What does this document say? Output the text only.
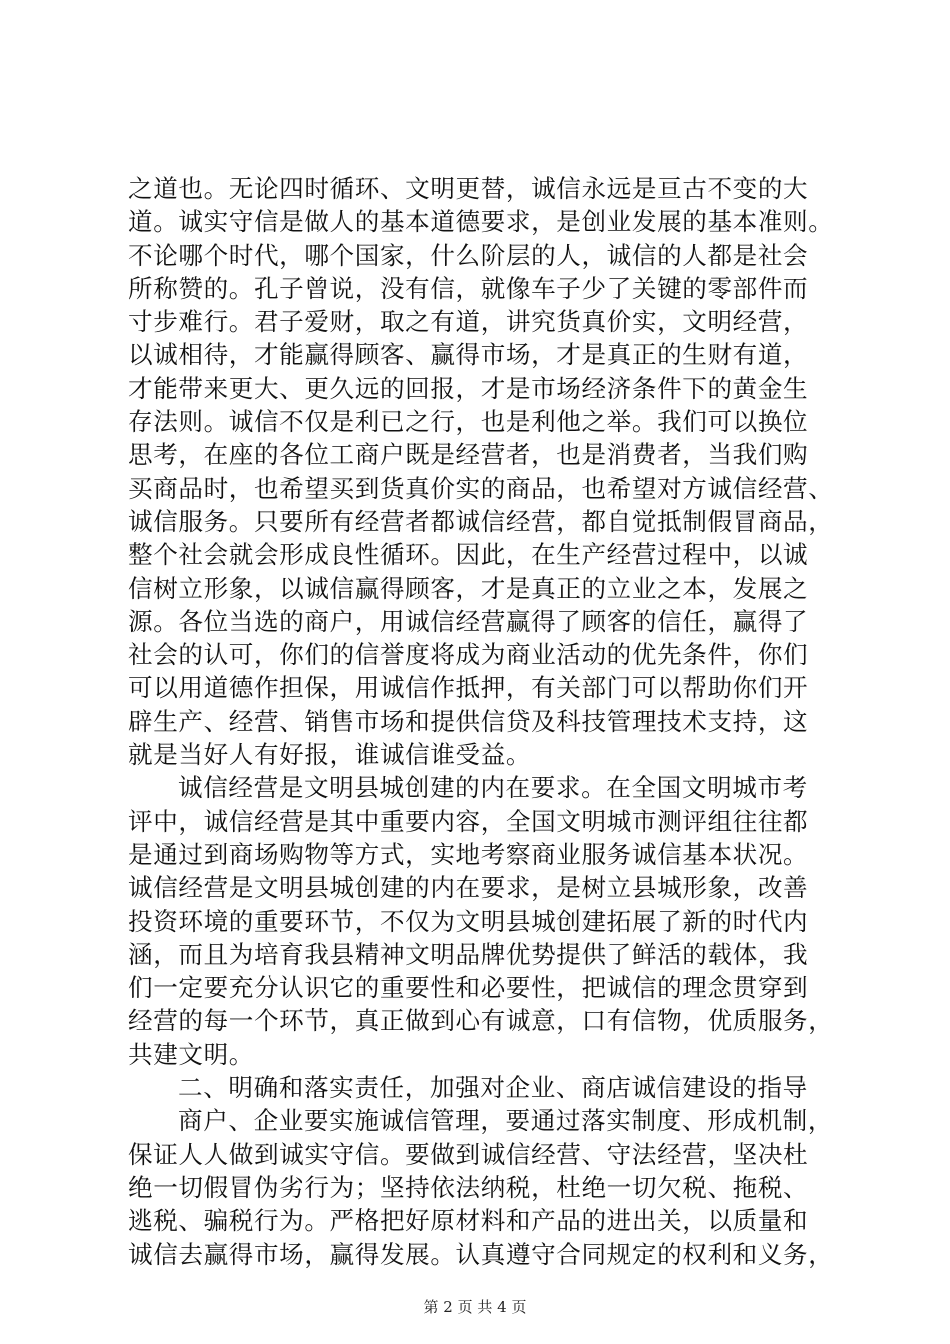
之道也。无论四时循环、文明更替，诚信永远是亘古不变的大
道。诚实守信是做人的基本道德要求，是创业发展的基本准则。
不论哪个时代，哪个国家，什么阶层的人，诚信的人都是社会
所称赞的。孔子曾说，没有信，就像车子少了关键的零部件而
寸步难行。君子爱财，取之有道，讲究货真价实，文明经营，
以诚相待，才能赢得顾客、赢得市场，才是真正的生财有道，
才能带来更大、更久远的回报，才是市场经济条件下的黄金生
存法则。诚信不仅是利已之行，也是利他之举。我们可以换位
思考，在座的各位工商户既是经营者，也是消费者，当我们购
买商品时，也希望买到货真价实的商品，也希望对方诚信经营、
诚信服务。只要所有经营者都诚信经营，都自觉抵制假冒商品，
整个社会就会形成良性循环。因此，在生产经营过程中，以诚
信树立形象，以诚信赢得顾客，才是真正的立业之本，发展之
源。各位当选的商户，用诚信经营赢得了顾客的信任，赢得了
社会的认可，你们的信誉度将成为商业活动的优先条件，你们
可以用道德作担保，用诚信作抵押，有关部门可以帮助你们开
辟生产、经营、销售市场和提供信贷及科技管理技术支持，这
就是当好人有好报，谁诚信谁受益。
诚信经营是文明县城创建的内在要求。在全国文明城市考
评中，诚信经营是其中重要内容，全国文明城市测评组往往都
是通过到商场购物等方式，实地考察商业服务诚信基本状况。
诚信经营是文明县城创建的内在要求，是树立县城形象，改善
投资环境的重要环节，不仅为文明县城创建拓展了新的时代内
涵，而且为培育我县精神文明品牌优势提供了鲜活的载体，我
们一定要充分认识它的重要性和必要性，把诚信的理念贯穿到
经营的每一个环节，真正做到心有诚意，口有信物，优质服务，
共建文明。
二、明确和落实责任，加强对企业、商店诚信建设的指导
商户、企业要实施诚信管理，要通过落实制度、形成机制，
保证人人做到诚实守信。要做到诚信经营、守法经营，坚决杜
绝一切假冒伪劣行为；坚持依法纳税，杜绝一切欠税、拖税、
逃税、骗税行为。严格把好原材料和产品的进出关，以质量和
诚信去赢得市场，赢得发展。认真遵守合同规定的权利和义务，
第 2 页 共 4 页
